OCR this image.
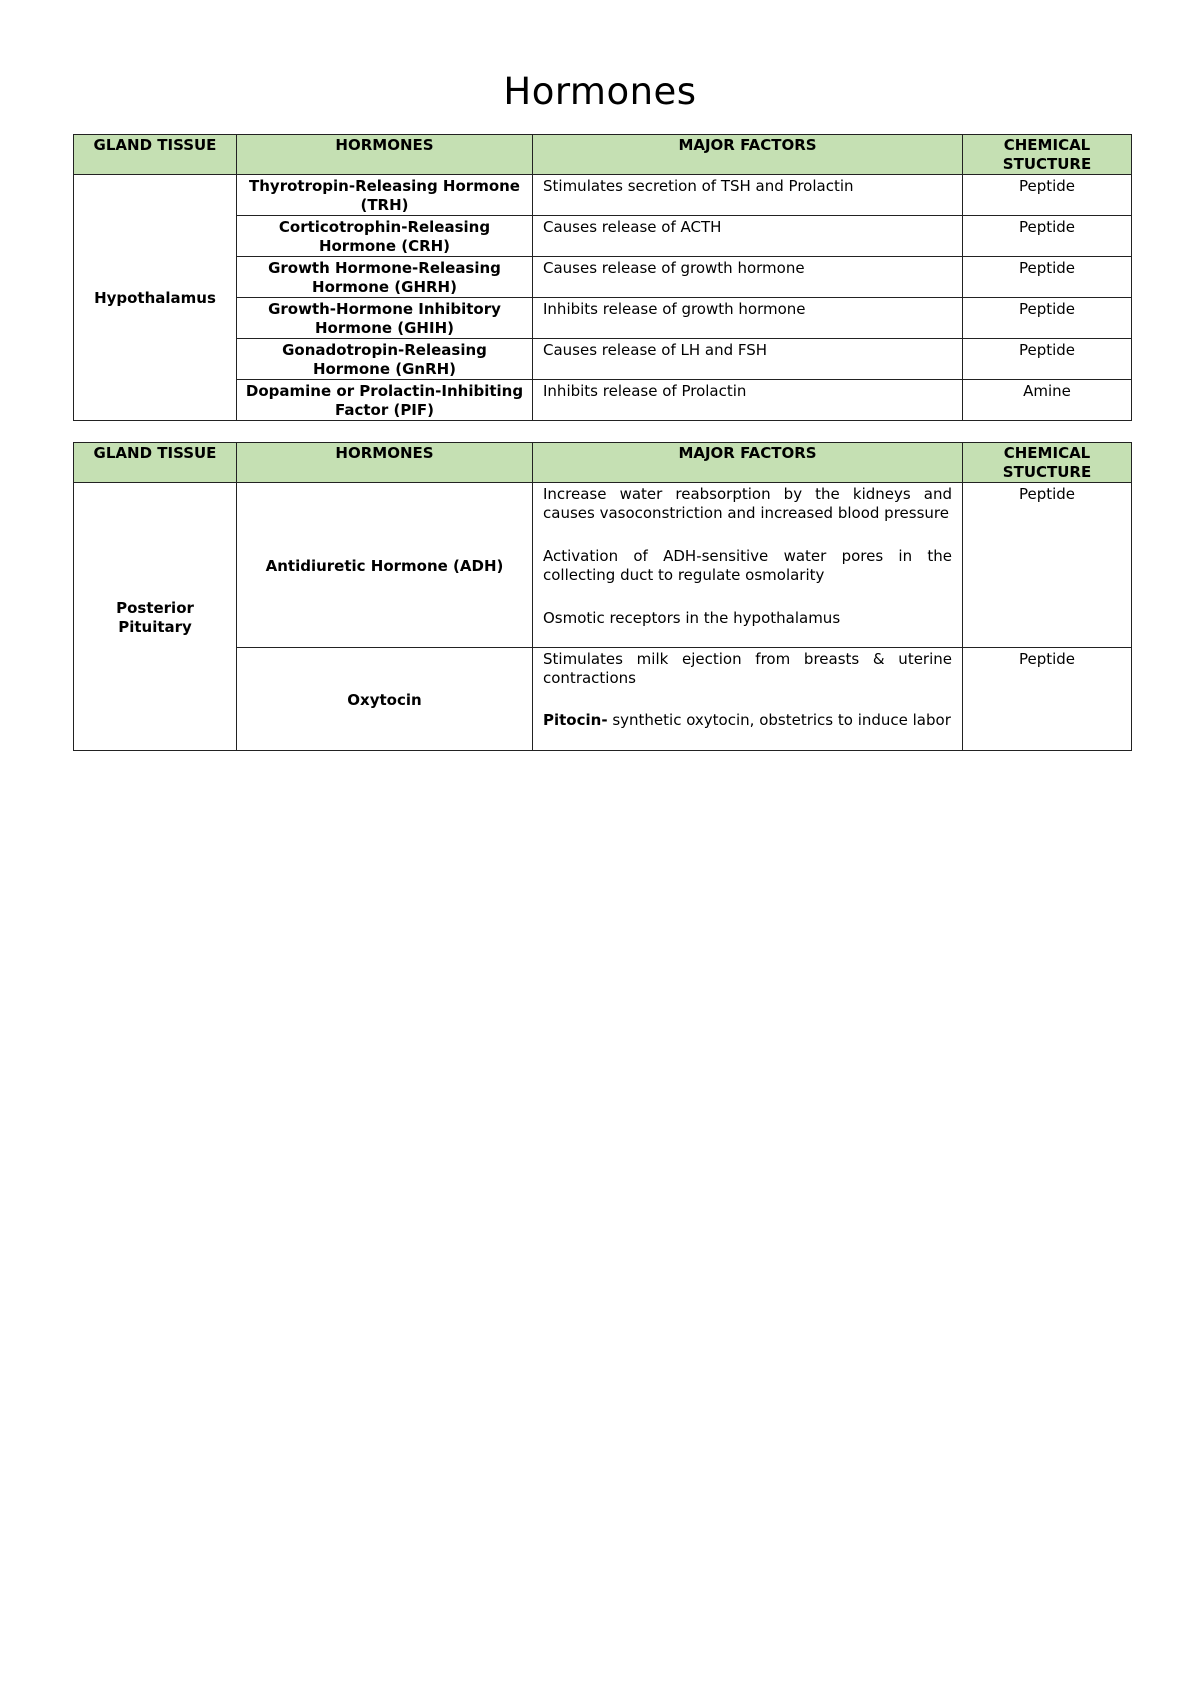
Hormones
GLAND TISSUE	HORMONES	MAJOR FACTORS	CHEMICAL STUCTURE
Hypothalamus	Thyrotropin-Releasing Hormone (TRH)	Stimulates secretion of TSH and Prolactin	Peptide
	Corticotrophin-Releasing Hormone (CRH)	Causes release of ACTH	Peptide
	Growth Hormone-Releasing Hormone (GHRH)	Causes release of growth hormone	Peptide
	Growth-Hormone Inhibitory Hormone (GHIH)	Inhibits release of growth hormone	Peptide
	Gonadotropin-Releasing Hormone (GnRH)	Causes release of LH and FSH	Peptide
	Dopamine or Prolactin-Inhibiting Factor (PIF)	Inhibits release of Prolactin	Amine
GLAND TISSUE	HORMONES	MAJOR FACTORS	CHEMICAL STUCTURE
Posterior Pituitary	Antidiuretic Hormone (ADH)	Increase water reabsorption by the kidneys and causes vasoconstriction and increased blood pressure

Activation of ADH-sensitive water pores in the collecting duct to regulate osmolarity

Osmotic receptors in the hypothalamus	Peptide
	Oxytocin	Stimulates milk ejection from breasts & uterine contractions

Pitocin- synthetic oxytocin, obstetrics to induce labor	Peptide
